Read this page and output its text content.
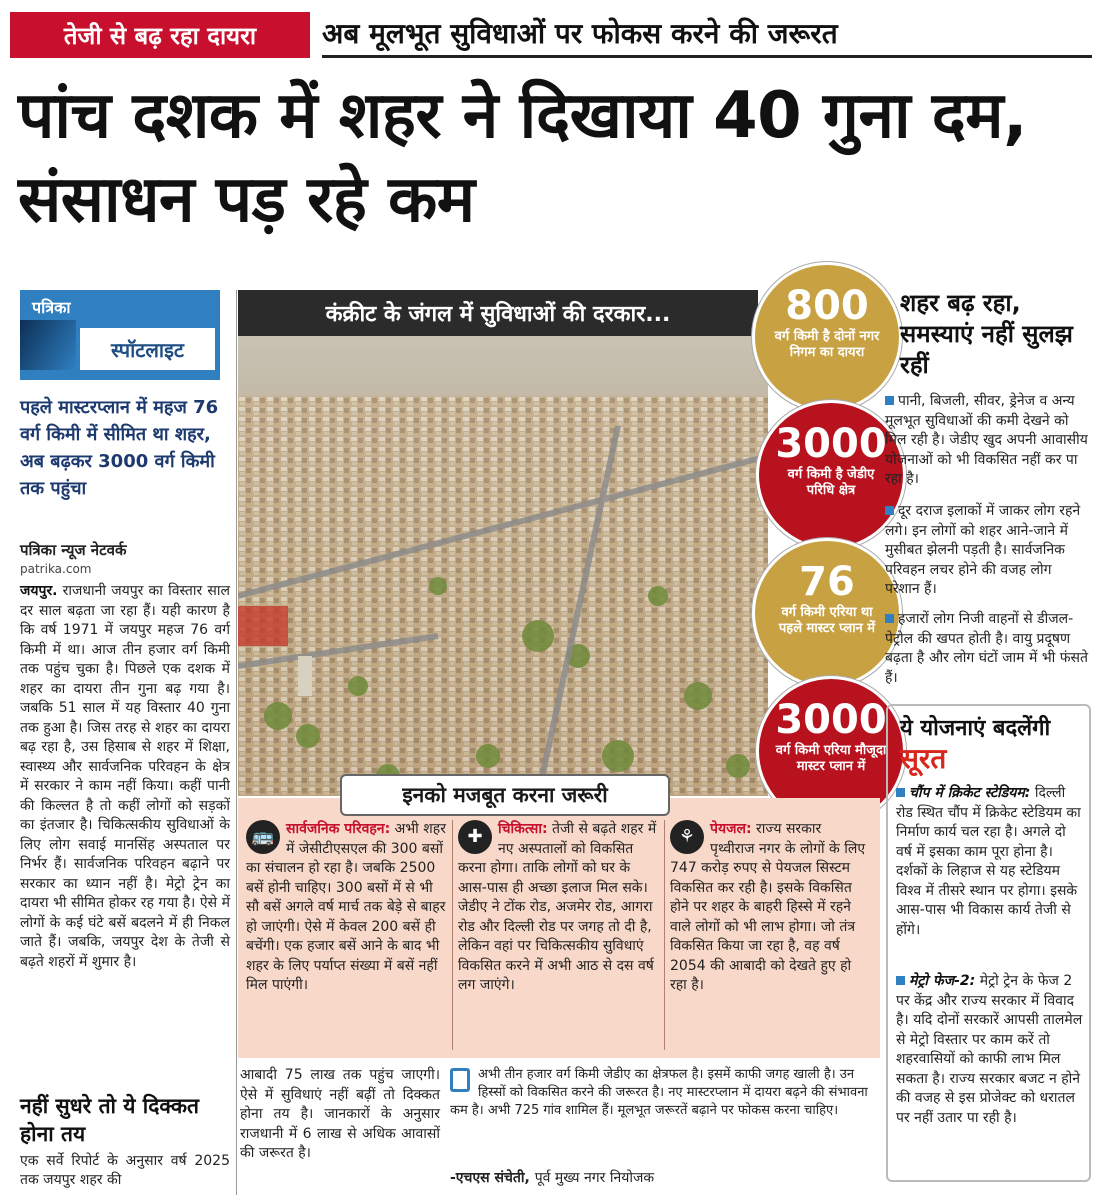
तेजी से बढ़ रहा दायरा	अब मूलभूत सुविधाओं पर फोकस करने की जरूरत
पांच दशक में शहर ने दिखाया 40 गुना दम, संसाधन पड़ रहे कम
पत्रिका
स्पॉटलाइट
पहले मास्टरप्लान में महज 76 वर्ग किमी में सीमित था शहर, अब बढ़कर 3000 वर्ग किमी तक पहुंचा
पत्रिका न्यूज नेटवर्क
patrika.com
जयपुर. राजधानी जयपुर का विस्तार साल दर साल बढ़ता जा रहा हैं। यही कारण है कि वर्ष 1971 में जयपुर महज 76 वर्ग किमी में था। आज तीन हजार वर्ग किमी तक पहुंच चुका है। पिछले एक दशक में शहर का दायरा तीन गुना बढ़ गया है। जबकि 51 साल में यह विस्तार 40 गुना तक हुआ है। जिस तरह से शहर का दायरा बढ़ रहा है, उस हिसाब से शहर में शिक्षा, स्वास्थ्य और सार्वजनिक परिवहन के क्षेत्र में सरकार ने काम नहीं किया। कहीं पानी की किल्लत है तो कहीं लोगों को सड़कों का इंतजार है। चिकित्सकीय सुविधाओं के लिए लोग सवाई मानसिंह अस्पताल पर निर्भर हैं। सार्वजनिक परिवहन बढ़ाने पर सरकार का ध्यान नहीं है। मेट्रो ट्रेन का दायरा भी सीमित होकर रह गया है। ऐसे में लोगों के कई घंटे बसें बदलने में ही निकल जाते हैं। जबकि, जयपुर देश के तेजी से बढ़ते शहरों में शुमार है।
नहीं सुधरे तो ये दिक्कत होना तय
एक सर्वे रिपोर्ट के अनुसार वर्ष 2025 तक जयपुर शहर की
कंक्रीट के जंगल में सुविधाओं की दरकार...	800
वर्ग किमी है दोनों नगर निगम का दायरा
3000
वर्ग किमी है जेडीए परिधि क्षेत्र
76
वर्ग किमी एरिया था पहले मास्टर प्लान में
3000
वर्ग किमी एरिया मौजूदा मास्टर प्लान में
शहर बढ़ रहा, समस्याएं नहीं सुलझ रहीं
पानी, बिजली, सीवर, ड्रेनेज व अन्य मूलभूत सुविधाओं की कमी देखने को मिल रही है। जेडीए खुद अपनी आवासीय योजनाओं को भी विकसित नहीं कर पा रहा है।
दूर दराज इलाकों में जाकर लोग रहने लगे। इन लोगों को शहर आने-जाने में मुसीबत झेलनी पड़ती है। सार्वजनिक परिवहन लचर होने की वजह लोग परेशान हैं।
हजारों लोग निजी वाहनों से डीजल-पेट्रोल की खपत होती है। वायु प्रदूषण बढ़ता है और लोग घंटों जाम में भी फंसते हैं।
ये योजनाएं बदलेंगी सूरत
चौंप में क्रिकेट स्टेडियम: दिल्ली रोड स्थित चौंप में क्रिकेट स्टेडियम का निर्माण कार्य चल रहा है। अगले दो वर्ष में इसका काम पूरा होना है। दर्शकों के लिहाज से यह स्टेडियम विश्व में तीसरे स्थान पर होगा। इसके आस-पास भी विकास कार्य तेजी से होंगे।
मेट्रो फेज-2: मेट्रो ट्रेन के फेज 2 पर केंद्र और राज्य सरकार में विवाद है। यदि दोनों सरकारें आपसी तालमेल से मेट्रो विस्तार पर काम करें तो शहरवासियों को काफी लाभ मिल सकता है। राज्य सरकार बजट न होने की वजह से इस प्रोजेक्ट को धरातल पर नहीं उतार पा रही है।
इनको मजबूत करना जरूरी
🚌 सार्वजनिक परिवहन: अभी शहर में जेसीटीएसएल की 300 बसों का संचालन हो रहा है। जबकि 2500 बसें होनी चाहिए। 300 बसों में से भी सौ बसें अगले वर्ष मार्च तक बेड़े से बाहर हो जाएंगी। ऐसे में केवल 200 बसें ही बचेंगी। एक हजार बसें आने के बाद भी शहर के लिए पर्याप्त संख्या में बसें नहीं मिल पाएंगी।
✚	चिकित्सा: तेजी से बढ़ते शहर में नए अस्पतालों को विकसित करना होगा। ताकि लोगों को घर के आस-पास ही अच्छा इलाज मिल सके। जेडीए ने टोंक रोड, अजमेर रोड, आगरा रोड और दिल्ली रोड पर जगह तो दी है, लेकिन वहां पर चिकित्सकीय सुविधाएं विकसित करने में अभी आठ से दस वर्ष लग जाएंगे।
⚘	पेयजल: राज्य सरकार पृथ्वीराज नगर के लोगों के लिए 747 करोड़ रुपए से पेयजल सिस्टम विकसित कर रही है। इसके विकसित होने पर शहर के बाहरी हिस्से में रहने वाले लोगों को भी लाभ होगा। जो तंत्र विकसित किया जा रहा है, वह वर्ष 2054 की आबादी को देखते हुए हो रहा है।
आबादी 75 लाख तक पहुंच जाएगी। ऐसे में सुविधाएं नहीं बढ़ीं तो दिक्कत होना तय है। जानकारों के अनुसार राजधानी में 6 लाख से अधिक आवासों की जरूरत है।
अभी तीन हजार वर्ग किमी जेडीए का क्षेत्रफल है। इसमें काफी जगह खाली है। उन हिस्सों को विकसित करने की जरूरत है। नए मास्टरप्लान में दायरा बढ़ने की संभावना कम है। अभी 725 गांव शामिल हैं। मूलभूत जरूरतें बढ़ाने पर फोकस करना चाहिए।
-एचएस संचेती, पूर्व मुख्य नगर नियोजक
